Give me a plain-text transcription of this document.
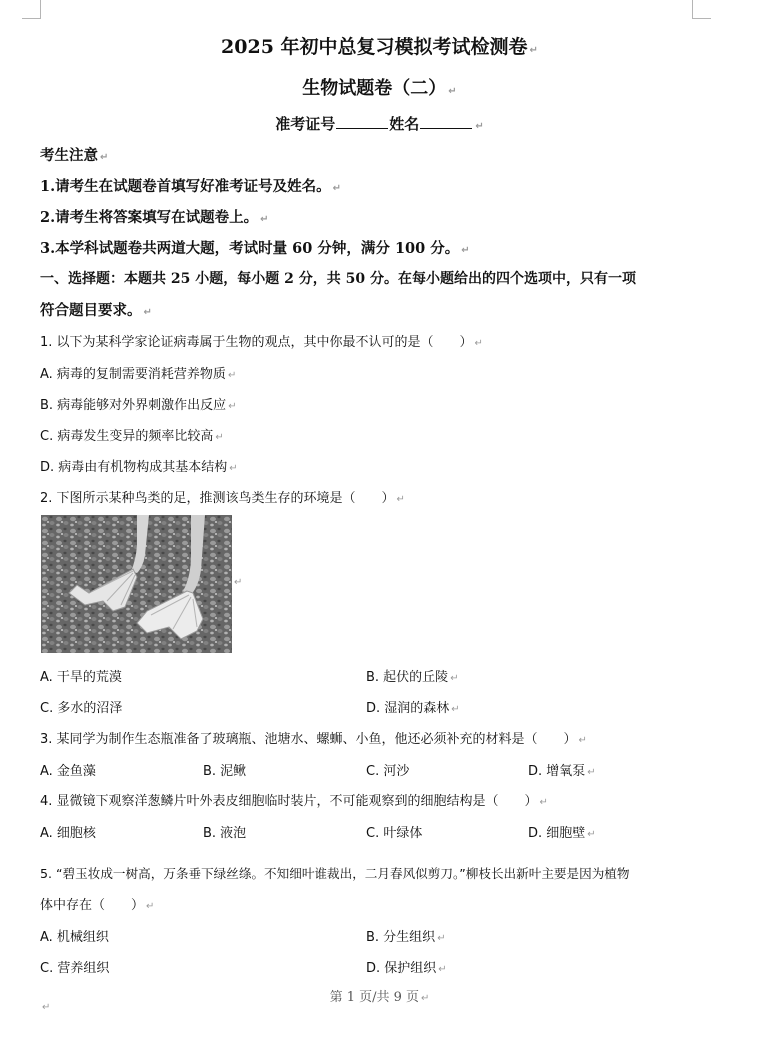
2025 年初中总复习模拟考试检测卷 ↵
生物试题卷（二） ↵
准考证号	姓名	↵
考生注意 ↵
1.请考生在试题卷首填写好准考证号及姓名。 ↵
2.请考生将答案填写在试题卷上。 ↵
3.本学科试题卷共两道大题，考试时量 60 分钟，满分 100 分。 ↵
一、选择题：本题共 25 小题，每小题 2 分，共 50 分。在每小题给出的四个选项中，只有一项
符合题目要求。 ↵
1. 以下为某科学家论证病毒属于生物的观点，其中你最不认可的是（　　） ↵
A. 病毒的复制需要消耗营养物质 ↵
B. 病毒能够对外界刺激作出反应 ↵
C. 病毒发生变异的频率比较高 ↵
D. 病毒由有机物构成其基本结构 ↵
2. 下图所示某种鸟类的足，推测该鸟类生存的环境是（　　） ↵
↵
A. 干旱的荒漠	B. 起伏的丘陵 ↵
C. 多水的沼泽	D. 湿润的森林 ↵
3. 某同学为制作生态瓶准备了玻璃瓶、池塘水、螺蛳、小鱼，他还必须补充的材料是（　　） ↵
A. 金鱼藻	B. 泥鳅	C. 河沙	D. 增氧泵 ↵
4. 显微镜下观察洋葱鳞片叶外表皮细胞临时装片，不可能观察到的细胞结构是（　　） ↵
A. 细胞核	B. 液泡	C. 叶绿体	D. 细胞壁 ↵
5. “碧玉妆成一树高，万条垂下绿丝绦。不知细叶谁裁出，二月春风似剪刀。”柳枝长出新叶主要是因为植物
体中存在（　　） ↵
A. 机械组织	B. 分生组织 ↵
C. 营养组织	D. 保护组织 ↵
第 1 页/共 9 页 ↵
↵
